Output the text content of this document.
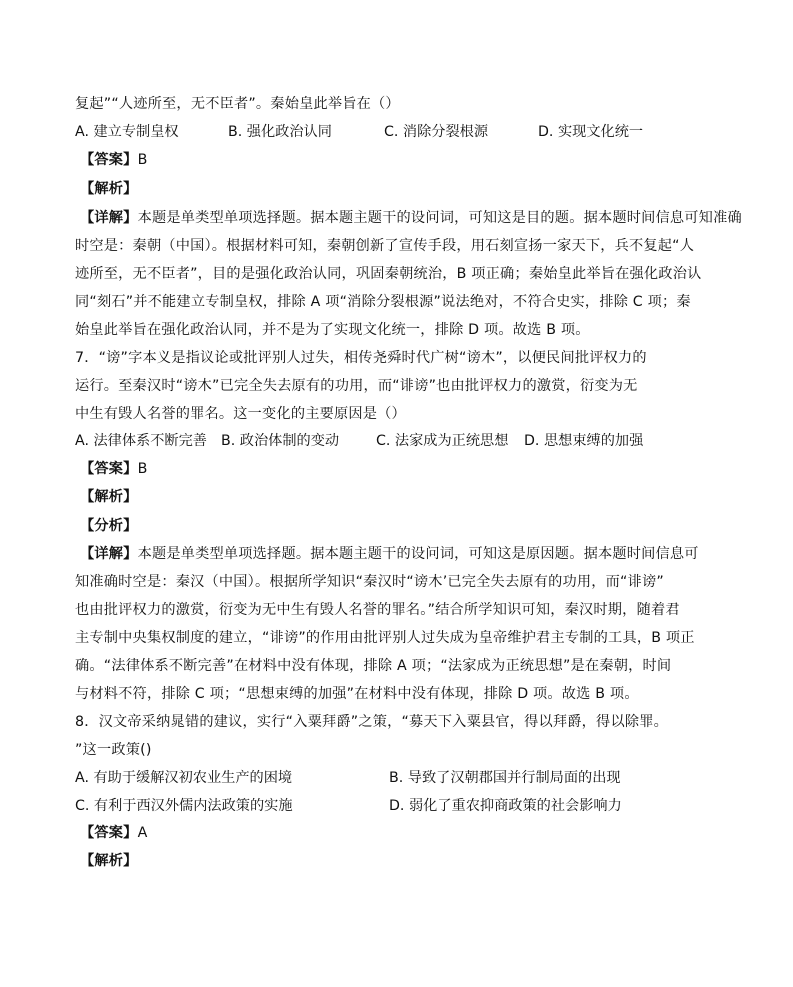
复起”“人迹所至，无不臣者”。秦始皇此举旨在（）
A. 建立专制皇权	B. 强化政治认同	C. 消除分裂根源	D. 实现文化统一
【答案】B
【解析】
【详解】本题是单类型单项选择题。据本题主题干的设问词，可知这是目的题。据本题时间信息可知准确
时空是：秦朝（中国）。根据材料可知，秦朝创新了宣传手段，用石刻宣扬一家天下，兵不复起“人
迹所至，无不臣者”，目的是强化政治认同，巩固秦朝统治，B 项正确；秦始皇此举旨在强化政治认
同“刻石”并不能建立专制皇权，排除 A 项“消除分裂根源”说法绝对，不符合史实，排除 C 项；秦
始皇此举旨在强化政治认同，并不是为了实现文化统一，排除 D 项。故选 B 项。
7．“谤”字本义是指议论或批评别人过失，相传尧舜时代广树“谤木”，以便民间批评权力的
运行。至秦汉时“谤木”已完全失去原有的功用，而“诽谤”也由批评权力的激赏，衍变为无
中生有毁人名誉的罪名。这一变化的主要原因是（）
A. 法律体系不断完善 B. 政治体制的变动	C. 法家成为正统思想 D. 思想束缚的加强
【答案】B
【解析】
【分析】
【详解】本题是单类型单项选择题。据本题主题干的设问词，可知这是原因题。据本题时间信息可
知准确时空是：秦汉（中国）。根据所学知识“秦汉时“谤木’已完全失去原有的功用，而“诽谤”
也由批评权力的激赏，衍变为无中生有毁人名誉的罪名。”结合所学知识可知，秦汉时期，随着君
主专制中央集权制度的建立，“诽谤”的作用由批评别人过失成为皇帝维护君主专制的工具，B 项正
确。“法律体系不断完善”在材料中没有体现，排除 A 项；“法家成为正统思想”是在秦朝，时间
与材料不符，排除 C 项；“思想束缚的加强”在材料中没有体现，排除 D 项。故选 B 项。
8．汉文帝采纳晁错的建议，实行“入粟拜爵”之策，“募天下入粟县官，得以拜爵，得以除罪。
”这一政策()
A. 有助于缓解汉初农业生产的困境	B. 导致了汉朝郡国并行制局面的出现
C. 有利于西汉外儒内法政策的实施	D. 弱化了重农抑商政策的社会影响力
【答案】A
【解析】
